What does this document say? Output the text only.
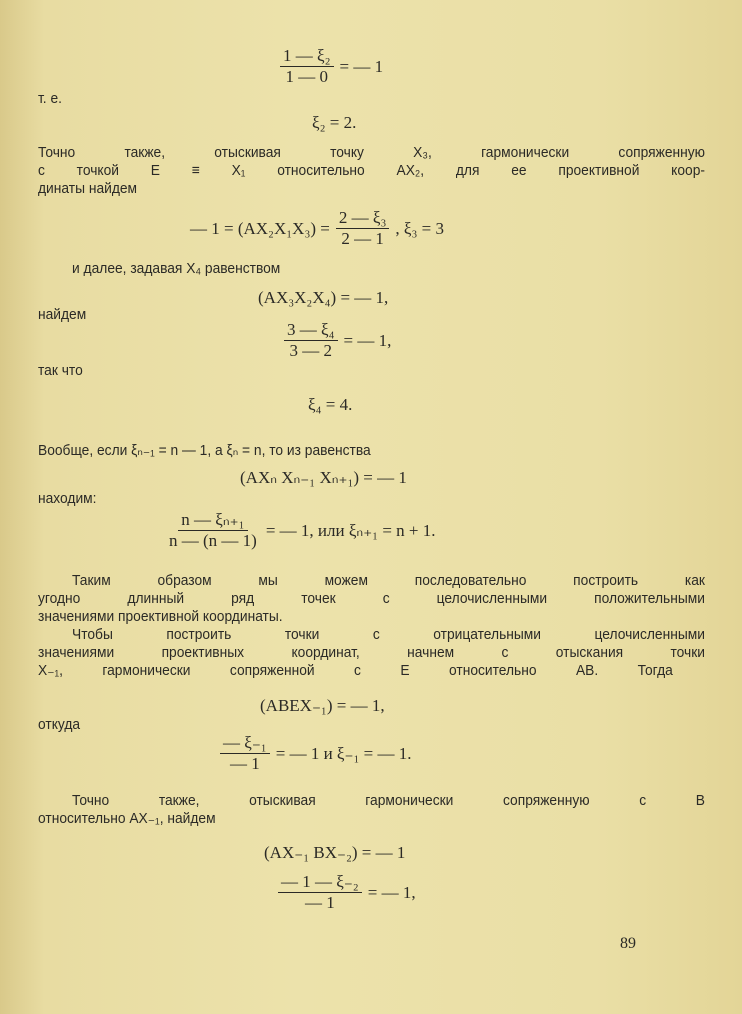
$\frac{\text{1 — ξ₂}}{1 — 0}$ = — 1
т. е.
ξ₂ = 2.
Точно также, отыскивая точку X₃, гармонически сопряженную
с точкой E ≡ X₁ относительно AX₂, для ее проективной коор-
динаты найдем
— $1 = (AX_2X_1X_3) = \frac{\text{2 — ξ₃}}{2 — 1}$ , ξ₃ = 3
и далее, задавая X₄ равенством
(AX₃X₂X₄) = — 1,
найдем
$\frac{\text{3 — ξ₄}}{3 — 2}$ = — 1,
так что
ξ₄ = 4.
Вообще, если ξₙ₋₁ = n — 1, а ξₙ = n, то из равенства
(AXₙ Xₙ₋₁ Xₙ₊₁) = — 1
находим:
$\frac{\text{n — ξₙ₊₁}}{n — (n — 1)}$ = — 1, или ξₙ₊₁ = n + 1.
Таким образом мы можем последовательно построить как
угодно длинный ряд точек с целочисленными положительными
значениями проективной координаты.
Чтобы построить точки с отрицательными целочисленными
значениями проективных координат, начнем с отыскания точки
X₋₁, гармонически сопряженной с E относительно AB. Тогда
(ABEX₋₁) = — 1,
откуда
$\frac{\text{— ξ₋₁}}{— 1}$ = — 1 и ξ₋₁ = — 1.
Точно также, отыскивая гармонически сопряженную с B
относительно AX₋₁, найдем
(AX₋₁ BX₋₂) = — 1
$\frac{\text{— 1 — ξ₋₂}}{— 1}$ = — 1,
89
